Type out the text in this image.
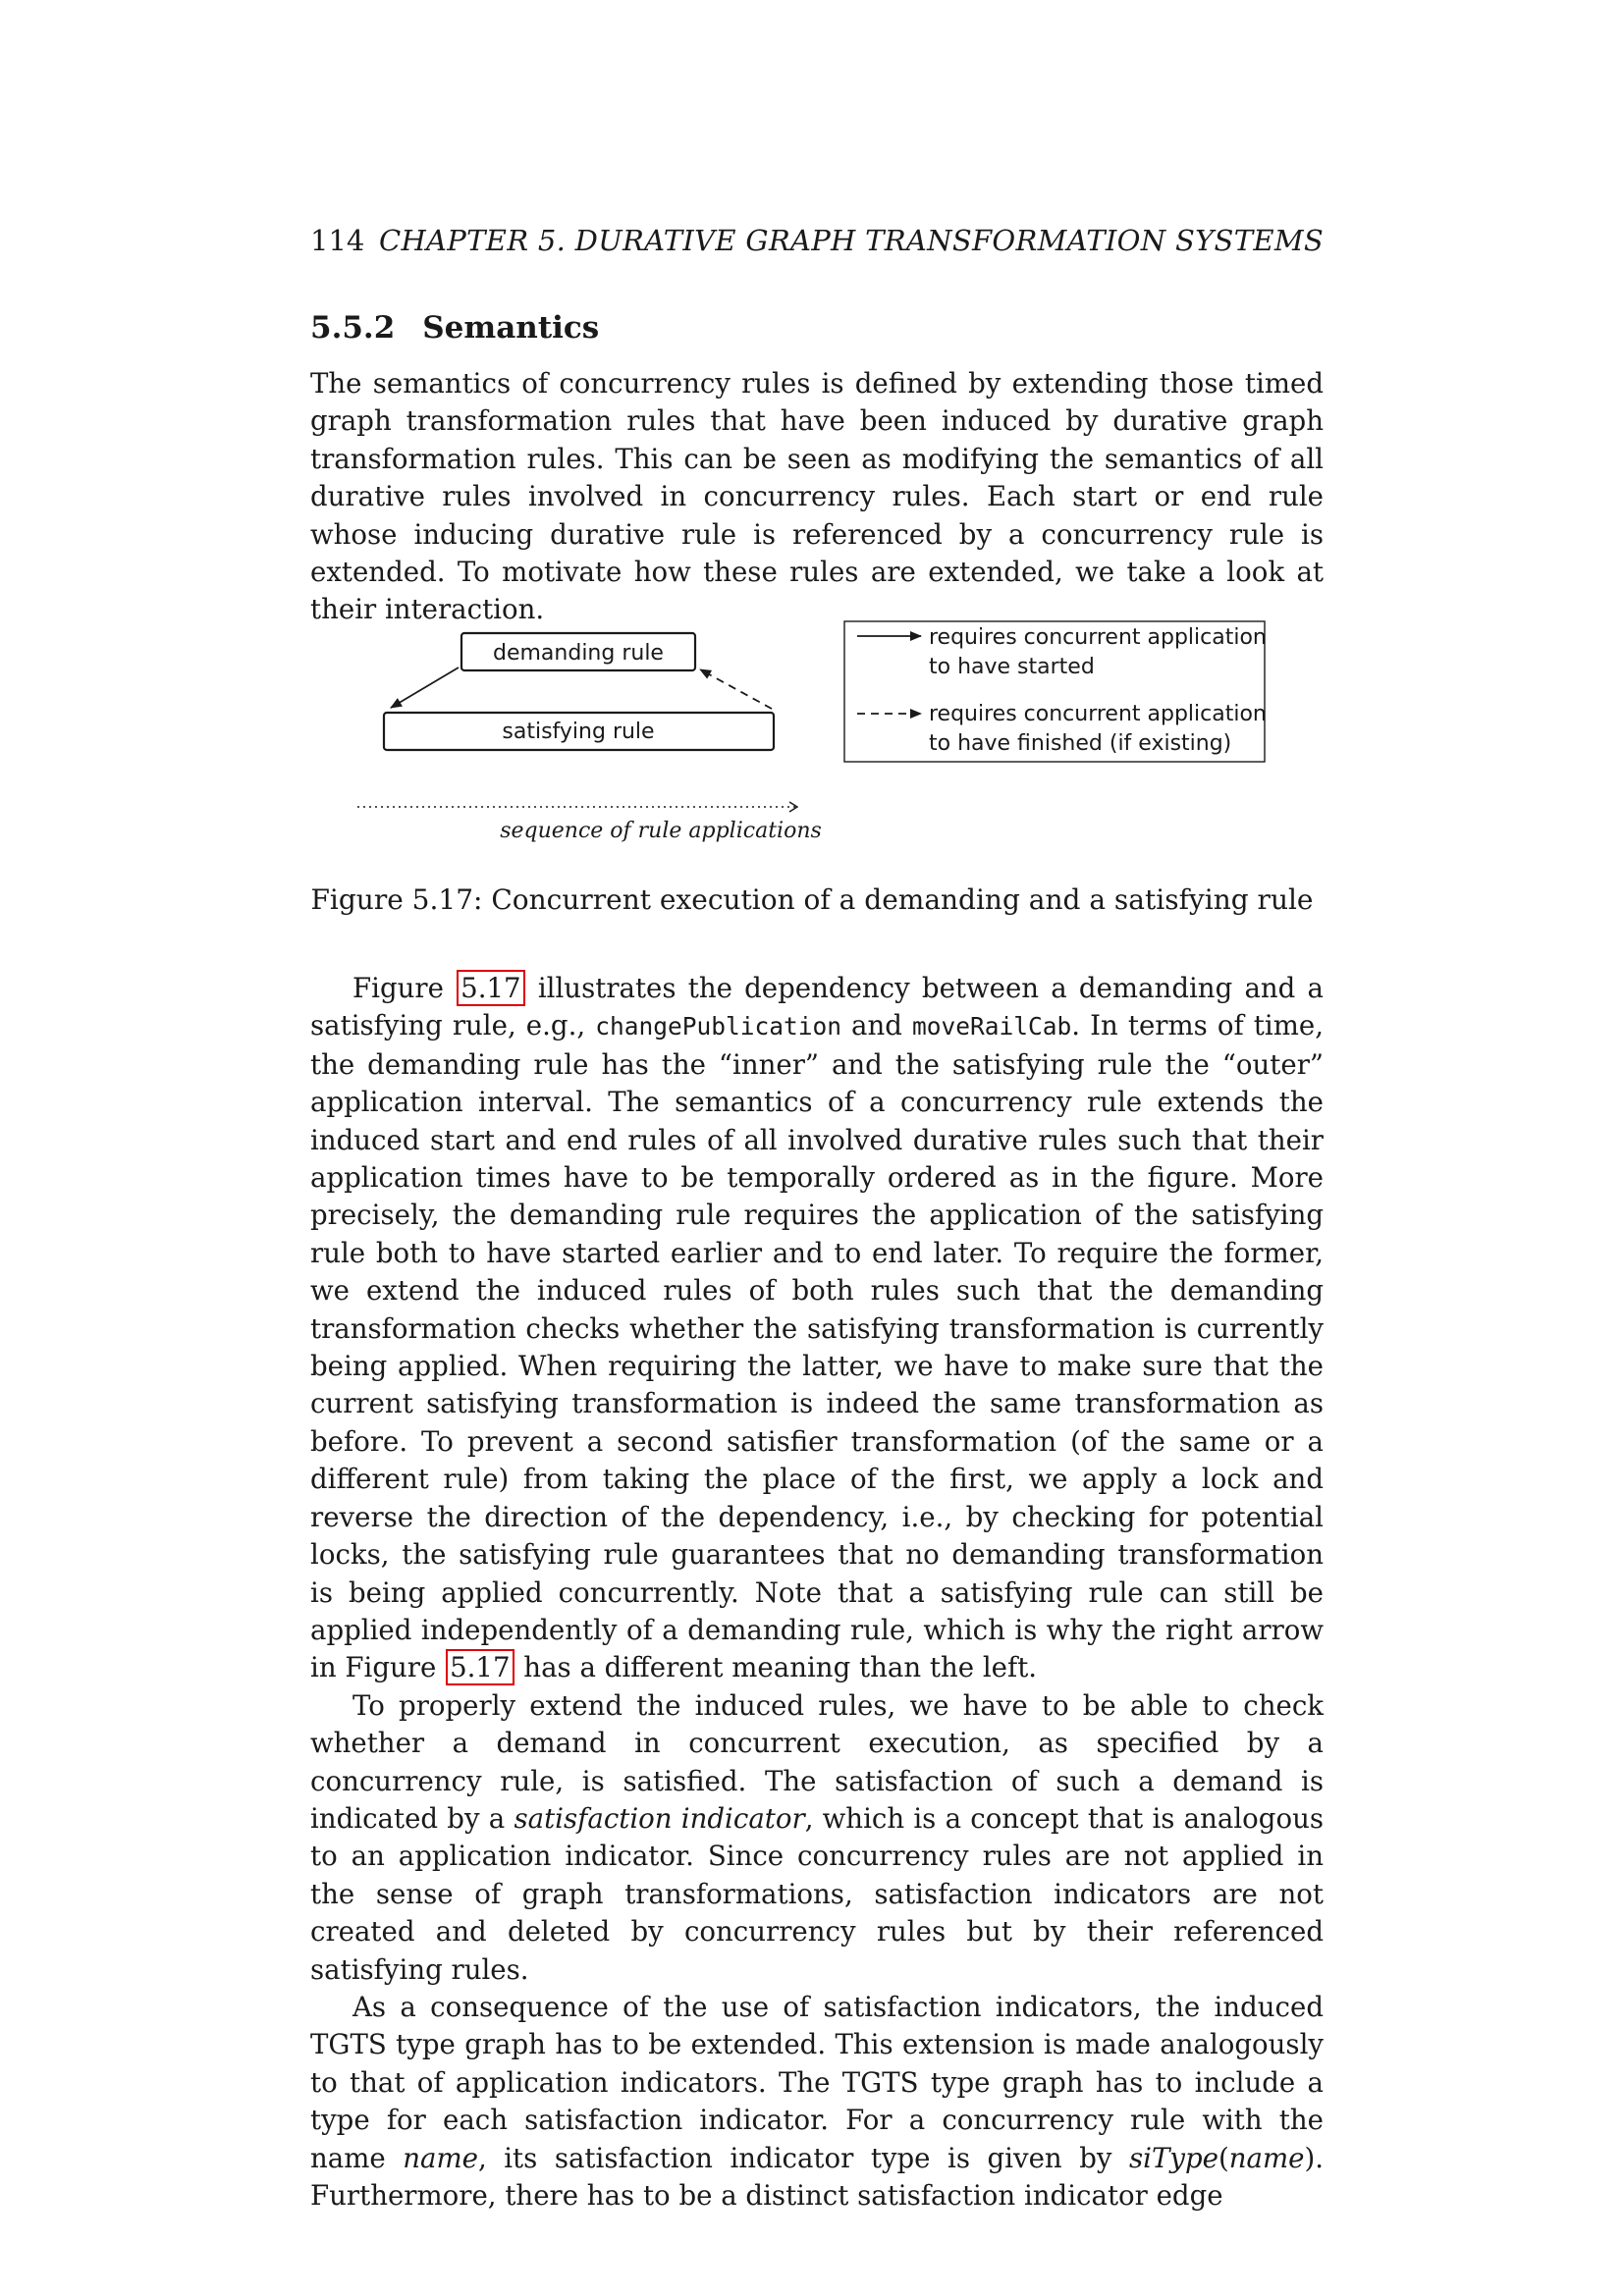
114 CHAPTER 5. DURATIVE GRAPH TRANSFORMATION SYSTEMS
5.5.2 Semantics

The semantics of concurrency rules is defined by extending those timed graph transformation rules that have been induced by durative graph transformation rules. This can be seen as modifying the semantics of all durative rules involved in concurrency rules. Each start or end rule whose inducing durative rule is referenced by a concurrency rule is extended. To motivate how these rules are extended, we take a look at their interaction.

demanding rule
satisfying rule
sequence of rule applications
requires concurrent application
to have started
requires concurrent application
to have finished (if existing)
Figure 5.17: Concurrent execution of a demanding and a satisfying rule

Figure 5.17 illustrates the dependency between a demanding and a satisfying rule, e.g., changePublication and moveRailCab. In terms of time, the demanding rule has the “inner” and the satisfying rule the “outer” application interval. The semantics of a concurrency rule extends the induced start and end rules of all involved durative rules such that their application times have to be temporally ordered as in the figure. More precisely, the demanding rule requires the application of the satisfying rule both to have started earlier and to end later. To require the former, we extend the induced rules of both rules such that the demanding transformation checks whether the satisfying transformation is currently being applied. When requiring the latter, we have to make sure that the current satisfying transformation is indeed the same transformation as before. To prevent a second satisfier transformation (of the same or a different rule) from taking the place of the first, we apply a lock and reverse the direction of the dependency, i.e., by checking for potential locks, the satisfying rule guarantees that no demanding transformation is being applied concurrently. Note that a satisfying rule can still be applied independently of a demanding rule, which is why the right arrow in Figure 5.17 has a different meaning than the left.

To properly extend the induced rules, we have to be able to check whether a demand in concurrent execution, as specified by a concurrency rule, is satisfied. The satisfaction of such a demand is indicated by a satisfaction indicator, which is a concept that is analogous to an application indicator. Since concurrency rules are not applied in the sense of graph transformations, satisfaction indicators are not created and deleted by concurrency rules but by their referenced satisfying rules.

As a consequence of the use of satisfaction indicators, the induced TGTS type graph has to be extended. This extension is made analogously to that of application indicators. The TGTS type graph has to include a type for each satisfaction indicator. For a concurrency rule with the name name, its satisfaction indicator type is given by siType(name). Furthermore, there has to be a distinct satisfaction indicator edge
